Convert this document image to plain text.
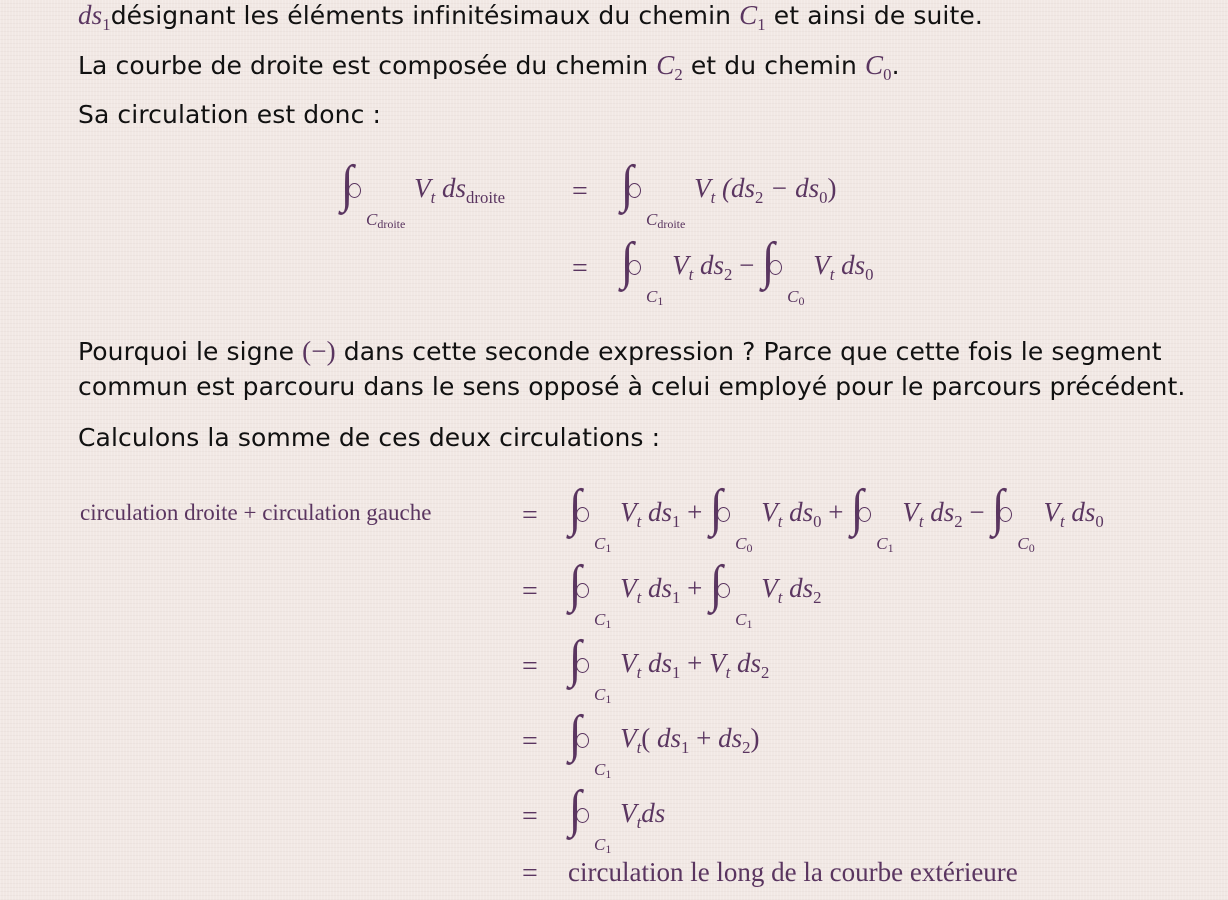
$ds_1désignant$ les éléments infinitésimaux du chemin $C_1$ et ainsi de suite.
La courbe de droite est composée du chemin $C_2$ et du chemin $C_0$.
Sa circulation est donc :
∫
Cdroite $V_t$ $ds_{droite}$ = ∫
Cdroite $V_t$ $(ds_2 - ds_0)$
= ∫
C1 $V_t$ $ds_2$ − ∫
C0 $V_t$ $ds_0$
Pourquoi le signe (−) dans cette seconde expression ? Parce que cette fois le segment
commun est parcouru dans le sens opposé à celui employé pour le parcours précédent.
Calculons la somme de ces deux circulations :
circulation droite + circulation gauche	= ∫
C1 $V_t$ $ds_1$ + ∫
C0 $V_t$ $ds_0$ + ∫
C1 $V_t$ $ds_2$ − ∫
C0 $V_t$ $ds_0$
= ∫
C1 $V_t$ $ds_1$ + ∫
C1 $V_t$ $ds_2$
= ∫
C1 $V_t$ $ds_1 + V_t$ $ds_2$
= ∫
C1 $V_t$( $ds_1 + ds_2$)
= ∫
C1 $V_tds$
= circulation le long de la courbe extérieure
